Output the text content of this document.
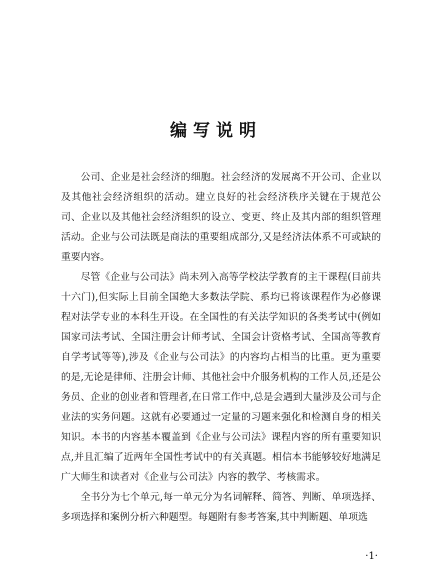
编写说明

公司、企业是社会经济的细胞。社会经济的发展离不开公司、企业以及其他社会经济组织的活动。建立良好的社会经济秩序关键在于规范公司、企业以及其他社会经济组织的设立、变更、终止及其内部的组织管理活动。企业与公司法既是商法的重要组成部分,又是经济法体系不可或缺的重要内容。

尽管《企业与公司法》尚未列入高等学校法学教育的主干课程(目前共十六门),但实际上目前全国绝大多数法学院、系均已将该课程作为必修课程对法学专业的本科生开设。在全国性的有关法学知识的各类考试中(例如国家司法考试、全国注册会计师考试、全国会计资格考试、全国高等教育自学考试等等),涉及《企业与公司法》的内容均占相当的比重。更为重要的是,无论是律师、注册会计师、其他社会中介服务机构的工作人员,还是公务员、企业的创业者和管理者,在日常工作中,总是会遇到大量涉及公司与企业法的实务问题。这就有必要通过一定量的习题来强化和检测自身的相关知识。本书的内容基本覆盖到《企业与公司法》课程内容的所有重要知识点,并且汇编了近两年全国性考试中的有关真题。相信本书能够较好地满足广大师生和读者对《企业与公司法》内容的教学、考核需求。

全书分为七个单元,每一单元分为名词解释、简答、判断、单项选择、多项选择和案例分析六种题型。每题附有参考答案,其中判断题、单项选

·1·
